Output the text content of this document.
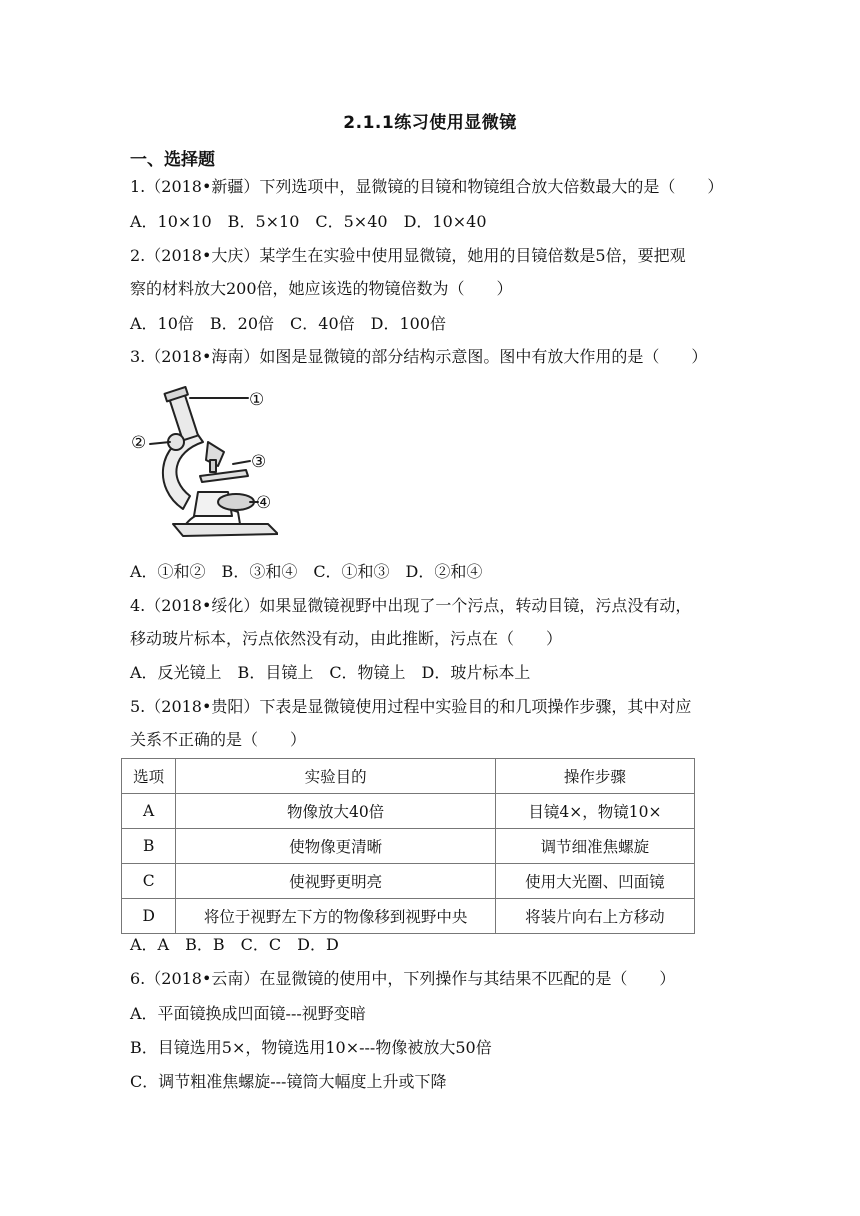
2.1.1练习使用显微镜
一、选择题
1.（2018•新疆）下列选项中，显微镜的目镜和物镜组合放大倍数最大的是（　　）
A．10×10　B．5×10　C．5×40　D．10×40
2.（2018•大庆）某学生在实验中使用显微镜，她用的目镜倍数是5倍，要把观
察的材料放大200倍，她应该选的物镜倍数为（　　）
A．10倍　B．20倍　C．40倍　D．100倍
3.（2018•海南）如图是显微镜的部分结构示意图。图中有放大作用的是（　　）
①
②
③
④
A．①和②　B．③和④　C．①和③　D．②和④
4.（2018•绥化）如果显微镜视野中出现了一个污点，转动目镜，污点没有动，
移动玻片标本，污点依然没有动，由此推断，污点在（　　）
A．反光镜上　B．目镜上　C．物镜上　D．玻片标本上
5.（2018•贵阳）下表是显微镜使用过程中实验目的和几项操作步骤，其中对应
关系不正确的是（　　）
选项	实验目的	操作步骤
A	物像放大40倍	目镜4×，物镜10×
B	使物像更清晰	调节细准焦螺旋
C	使视野更明亮	使用大光圈、凹面镜
D	将位于视野左下方的物像移到视野中央	将装片向右上方移动
A．A　B．B　C．C　D．D
6.（2018•云南）在显微镜的使用中，下列操作与其结果不匹配的是（　　）
A．平面镜换成凹面镜---视野变暗
B．目镜选用5×，物镜选用10×---物像被放大50倍
C．调节粗准焦螺旋---镜筒大幅度上升或下降
